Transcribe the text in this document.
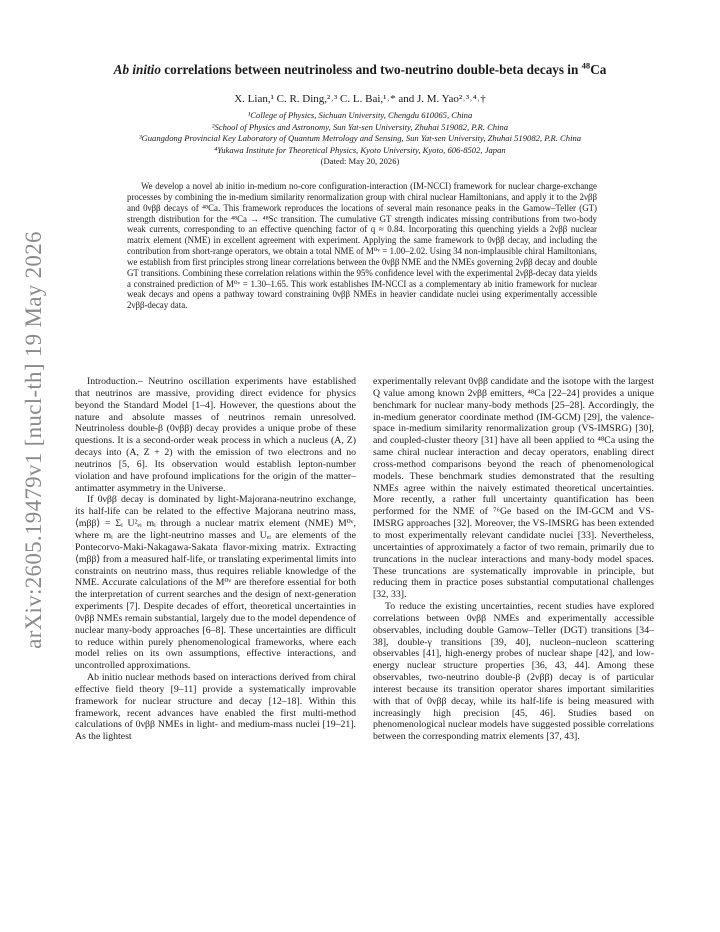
arXiv:2605.19479v1 [nucl-th] 19 May 2026
Ab initio correlations between neutrinoless and two-neutrino double-beta decays in $^{48}$Ca
X. Lian,¹ C. R. Ding,²˒³ C. L. Bai,¹˒* and J. M. Yao²˒³˒⁴˒†
¹College of Physics, Sichuan University, Chengdu 610065, China
²School of Physics and Astronomy, Sun Yat-sen University, Zhuhai 519082, P.R. China
³Guangdong Provincial Key Laboratory of Quantum Metrology and Sensing, Sun Yat-sen University, Zhuhai 519082, P.R. China
⁴Yukawa Institute for Theoretical Physics, Kyoto University, Kyoto, 606-8502, Japan
(Dated: May 20, 2026)

We develop a novel ab initio in-medium no-core configuration-interaction (IM-NCCI) framework for nuclear charge-exchange processes by combining the in-medium similarity renormalization group with chiral nuclear Hamiltonians, and apply it to the 2νββ and 0νββ decays of ⁴⁸Ca. This framework reproduces the locations of several main resonance peaks in the Gamow–Teller (GT) strength distribution for the ⁴⁸Ca → ⁴⁸Sc transition. The cumulative GT strength indicates missing contributions from two-body weak currents, corresponding to an effective quenching factor of q ≈ 0.84. Incorporating this quenching yields a 2νββ nuclear matrix element (NME) in excellent agreement with experiment. Applying the same framework to 0νββ decay, and including the contribution from short-range operators, we obtain a total NME of M⁰ᵛ = 1.00–2.02. Using 34 non-implausible chiral Hamiltonians, we establish from first principles strong linear correlations between the 0νββ NME and the NMEs governing 2νββ decay and double GT transitions. Combining these correlation relations within the 95% confidence level with the experimental 2νββ-decay data yields a constrained prediction of M⁰ᵛ = 1.30–1.65. This work establishes IM-NCCI as a complementary ab initio framework for nuclear weak decays and opens a pathway toward constraining 0νββ NMEs in heavier candidate nuclei using experimentally accessible 2νββ-decay data.

Introduction.– Neutrino oscillation experiments have established that neutrinos are massive, providing direct evidence for physics beyond the Standard Model [1–4]. However, the questions about the nature and absolute masses of neutrinos remain unresolved. Neutrinoless double-β (0νββ) decay provides a unique probe of these questions. It is a second-order weak process in which a nucleus (A, Z) decays into (A, Z + 2) with the emission of two electrons and no neutrinos [5, 6]. Its observation would establish lepton-number violation and have profound implications for the origin of the matter–antimatter asymmetry in the Universe.

If 0νββ decay is dominated by light-Majorana-neutrino exchange, its half-life can be related to the effective Majorana neutrino mass, ⟨mββ⟩ = Σᵢ U²ₑᵢ mᵢ through a nuclear matrix element (NME) M⁰ᵛ, where mᵢ are the light-neutrino masses and Uₑᵢ are elements of the Pontecorvo-Maki-Nakagawa-Sakata flavor-mixing matrix. Extracting ⟨mββ⟩ from a measured half-life, or translating experimental limits into constraints on neutrino mass, thus requires reliable knowledge of the NME. Accurate calculations of the M⁰ᵛ are therefore essential for both the interpretation of current searches and the design of next-generation experiments [7]. Despite decades of effort, theoretical uncertainties in 0νββ NMEs remain substantial, largely due to the model dependence of nuclear many-body approaches [6–8]. These uncertainties are difficult to reduce within purely phenomenological frameworks, where each model relies on its own assumptions, effective interactions, and uncontrolled approximations.

Ab initio nuclear methods based on interactions derived from chiral effective field theory [9–11] provide a systematically improvable framework for nuclear structure and decay [12–18]. Within this framework, recent advances have enabled the first multi-method calculations of 0νββ NMEs in light- and medium-mass nuclei [19–21]. As the lightest

experimentally relevant 0νββ candidate and the isotope with the largest Q value among known 2νββ emitters, ⁴⁸Ca [22–24] provides a unique benchmark for nuclear many-body methods [25–28]. Accordingly, the in-medium generator coordinate method (IM-GCM) [29], the valence-space in-medium similarity renormalization group (VS-IMSRG) [30], and coupled-cluster theory [31] have all been applied to ⁴⁸Ca using the same chiral nuclear interaction and decay operators, enabling direct cross-method comparisons beyond the reach of phenomenological models. These benchmark studies demonstrated that the resulting NMEs agree within the naively estimated theoretical uncertainties. More recently, a rather full uncertainty quantification has been performed for the NME of ⁷⁶Ge based on the IM-GCM and VS-IMSRG approaches [32]. Moreover, the VS-IMSRG has been extended to most experimentally relevant candidate nuclei [33]. Nevertheless, uncertainties of approximately a factor of two remain, primarily due to truncations in the nuclear interactions and many-body model spaces. These truncations are systematically improvable in principle, but reducing them in practice poses substantial computational challenges [32, 33].

To reduce the existing uncertainties, recent studies have explored correlations between 0νββ NMEs and experimentally accessible observables, including double Gamow–Teller (DGT) transitions [34–38], double-γ transitions [39, 40], nucleon–nucleon scattering observables [41], high-energy probes of nuclear shape [42], and low-energy nuclear structure properties [36, 43, 44]. Among these observables, two-neutrino double-β (2νββ) decay is of particular interest because its transition operator shares important similarities with that of 0νββ decay, while its half-life is being measured with increasingly high precision [45, 46]. Studies based on phenomenological nuclear models have suggested possible correlations between the corresponding matrix elements [37, 43].
